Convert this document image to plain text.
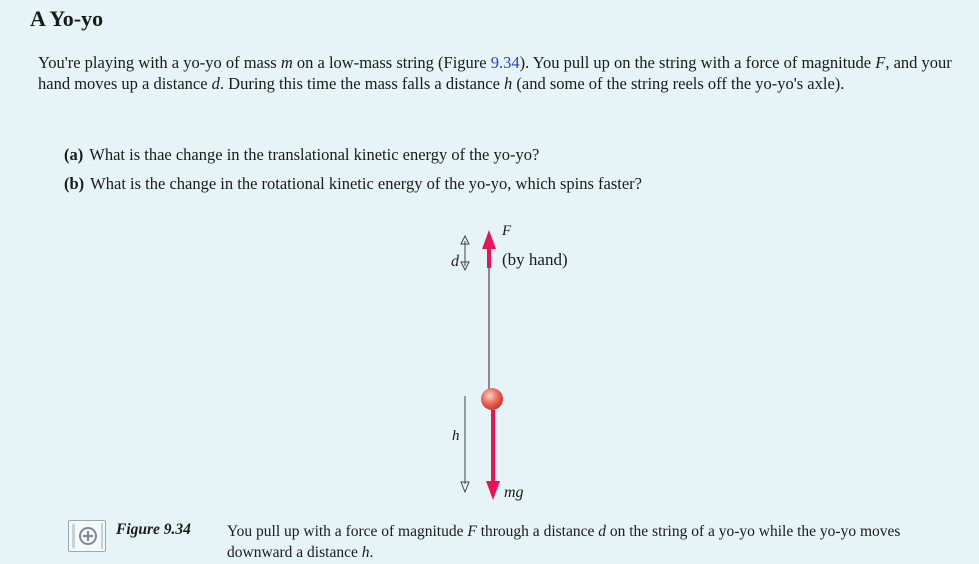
A Yo-yo

You're playing with a yo-yo of mass m on a low-mass string (Figure 9.34). You pull up on the string with a force of magnitude F, and your hand moves up a distance d. During this time the mass falls a distance h (and some of the string reels off the yo-yo's axle).

(a) What is thae change in the translational kinetic energy of the yo-yo?

(b) What is the change in the rotational kinetic energy of the yo-yo, which spins faster?

F
(by hand)
d
h
mg
Figure 9.34 You pull up with a force of magnitude F through a distance d on the string of a yo-yo while the yo-yo moves downward a distance h.
